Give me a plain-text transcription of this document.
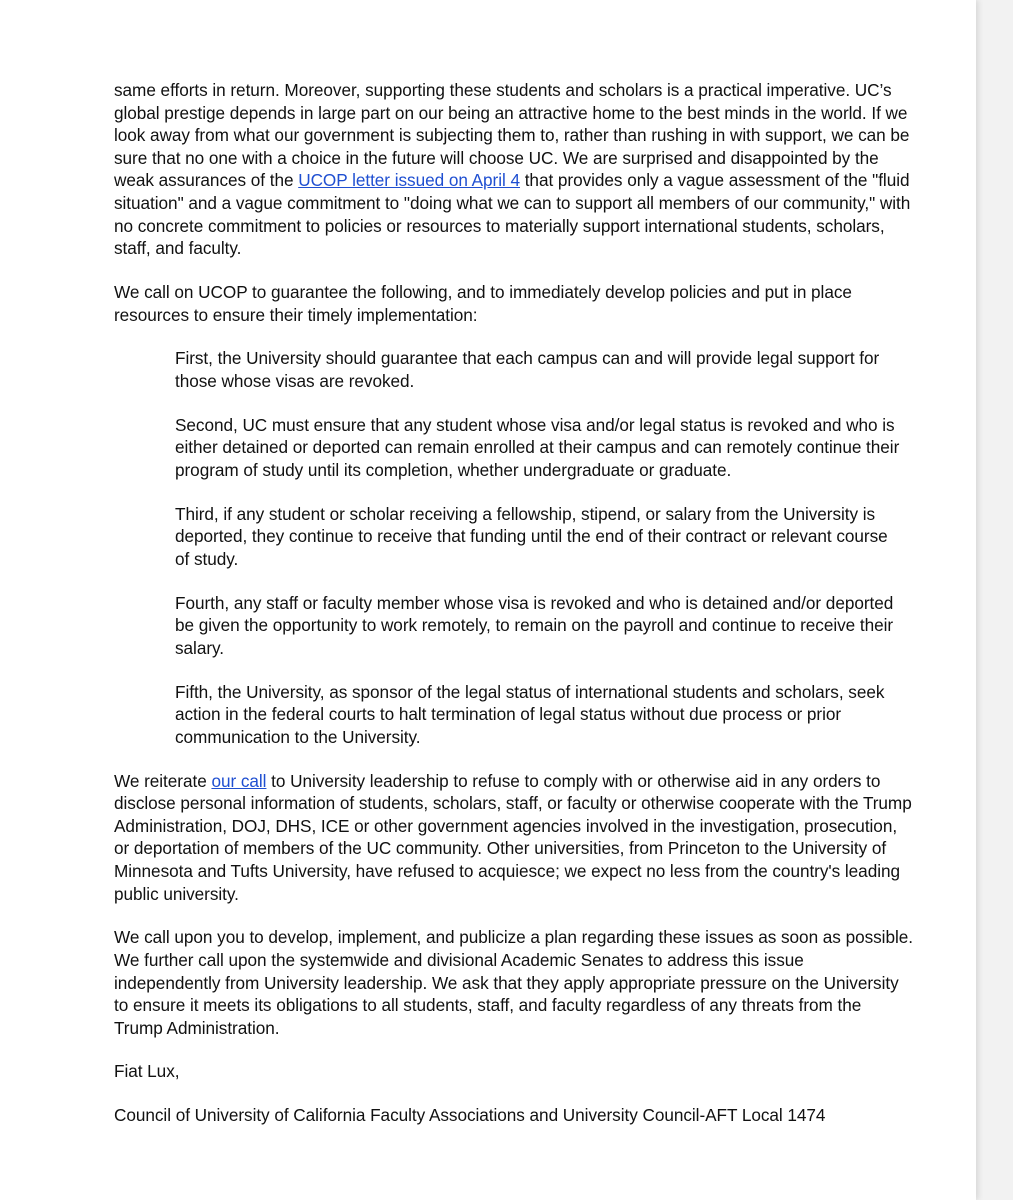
same efforts in return. Moreover, supporting these students and scholars is a practical imperative. UC’s global prestige depends in large part on our being an attractive home to the best minds in the world. If we look away from what our government is subjecting them to, rather than rushing in with support, we can be sure that no one with a choice in the future will choose UC. We are surprised and disappointed by the weak assurances of the UCOP letter issued on April 4 that provides only a vague assessment of the "fluid situation" and a vague commitment to "doing what we can to support all members of our community," with no concrete commitment to policies or resources to materially support international students, scholars, staff, and faculty.

We call on UCOP to guarantee the following, and to immediately develop policies and put in place resources to ensure their timely implementation:

First, the University should guarantee that each campus can and will provide legal support for those whose visas are revoked.

Second, UC must ensure that any student whose visa and/or legal status is revoked and who is either detained or deported can remain enrolled at their campus and can remotely continue their program of study until its completion, whether undergraduate or graduate.

Third, if any student or scholar receiving a fellowship, stipend, or salary from the University is deported, they continue to receive that funding until the end of their contract or relevant course of study.

Fourth, any staff or faculty member whose visa is revoked and who is detained and/or deported be given the opportunity to work remotely, to remain on the payroll and continue to receive their salary.

Fifth, the University, as sponsor of the legal status of international students and scholars, seek action in the federal courts to halt termination of legal status without due process or prior communication to the University.

We reiterate our call to University leadership to refuse to comply with or otherwise aid in any orders to disclose personal information of students, scholars, staff, or faculty or otherwise cooperate with the Trump Administration, DOJ, DHS, ICE or other government agencies involved in the investigation, prosecution, or deportation of members of the UC community. Other universities, from Princeton to the University of Minnesota and Tufts University, have refused to acquiesce; we expect no less from the country's leading public university.

We call upon you to develop, implement, and publicize a plan regarding these issues as soon as possible. We further call upon the systemwide and divisional Academic Senates to address this issue independently from University leadership. We ask that they apply appropriate pressure on the University to ensure it meets its obligations to all students, staff, and faculty regardless of any threats from the Trump Administration.

Fiat Lux,

Council of University of California Faculty Associations and University Council-AFT Local 1474
